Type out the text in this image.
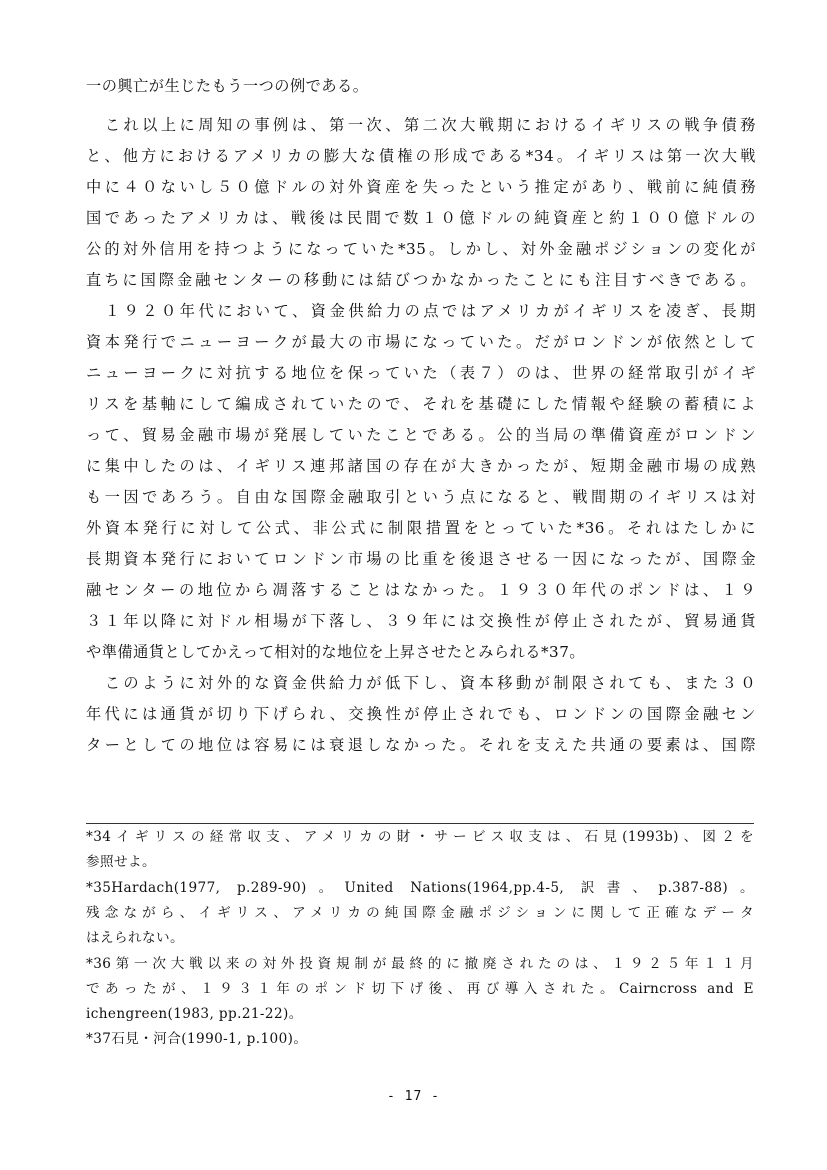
一の興亡が生じたもう一つの例である。
　これ以上に周知の事例は、第一次、第二次大戦期におけるイギリスの戦争債務
と、他方におけるアメリカの膨大な債権の形成である*34。イギリスは第一次大戦
中に４０ないし５０億ドルの対外資産を失ったという推定があり、戦前に純債務
国であったアメリカは、戦後は民間で数１０億ドルの純資産と約１００億ドルの
公的対外信用を持つようになっていた*35。しかし、対外金融ポジションの変化が
直ちに国際金融センターの移動には結びつかなかったことにも注目すべきである。
　１９２０年代において、資金供給力の点ではアメリカがイギリスを凌ぎ、長期
資本発行でニューヨークが最大の市場になっていた。だがロンドンが依然として
ニューヨークに対抗する地位を保っていた（表７）のは、世界の経常取引がイギ
リスを基軸にして編成されていたので、それを基礎にした情報や経験の蓄積によ
って、貿易金融市場が発展していたことである。公的当局の準備資産がロンドン
に集中したのは、イギリス連邦諸国の存在が大きかったが、短期金融市場の成熟
も一因であろう。自由な国際金融取引という点になると、戦間期のイギリスは対
外資本発行に対して公式、非公式に制限措置をとっていた*36。それはたしかに
長期資本発行においてロンドン市場の比重を後退させる一因になったが、国際金
融センターの地位から凋落することはなかった。１９３０年代のポンドは、１９
３１年以降に対ドル相場が下落し、３９年には交換性が停止されたが、貿易通貨
や準備通貨としてかえって相対的な地位を上昇させたとみられる*37。
　このように対外的な資金供給力が低下し、資本移動が制限されても、また３０
年代には通貨が切り下げられ、交換性が停止されでも、ロンドンの国際金融セン
ターとしての地位は容易には衰退しなかった。それを支えた共通の要素は、国際
*34イギリスの経常収支、アメリカの財・サービス収支は、石見(1993b)、図２を
参照せよ。
*35Hardach(1977, p.289-90)。United Nations(1964,pp.4-5, 訳書、p.387-88)。
残念ながら、イギリス、アメリカの純国際金融ポジションに関して正確なデータ
はえられない。
*36第一次大戦以来の対外投資規制が最終的に撤廃されたのは、１９２５年１１月
であったが、１９３１年のポンド切下げ後、再び導入された。Cairncross and E
ichengreen(1983, pp.21-22)。
*37石見・河合(1990-1, p.100)。
- 17 -
